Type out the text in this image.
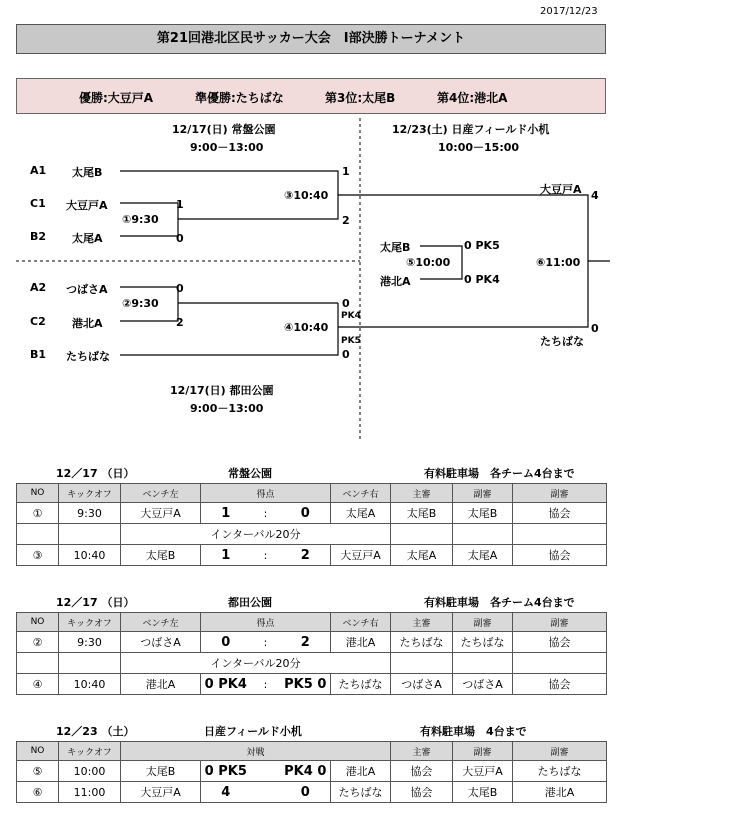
2017/12/23
第21回港北区民サッカー大会　Ⅰ部決勝トーナメント
優勝:大豆戸A	準優勝:たちばな	第3位:太尾B	第4位:港北A
12/17(日) 常盤公園
9:00－13:00
12/23(土) 日産フィールド小机
10:00－15:00
12/17(日) 都田公園
9:00－13:00
A1 太尾B
C1 大豆戸A
B2 太尾A
A2 つばさA
C2 港北A
B1 たちばな
①9:30
1
0
②9:30
0
2
③10:40
1
2
④10:40
0
PK4
PK5
0
太尾B
港北A
⑤10:00
0 PK5
0 PK4
大豆戸A
たちばな
⑥11:00
4
0
12／17 （日）	常盤公園	有料駐車場　各チーム4台まで
NO	キックオフ	ベンチ左	得点			ベンチ右	主審	副審	副審
①	9:30	大豆戸A	1	:	0	太尾A	太尾B	太尾B	協会
		インターバル20分							
③	10:40	太尾B	1	:	2	大豆戸A	太尾A	太尾A	協会
12／17 （日）	都田公園	有料駐車場　各チーム4台まで
NO	キックオフ	ベンチ左	得点			ベンチ右	主審	副審	副審
②	9:30	つばさA	0	:	2	港北A	たちばな	たちばな	協会
		インターバル20分							
④	10:40	港北A	0 PK4	:	PK5 0	たちばな	つばさA	つばさA	協会
12／23 （土）	日産フィールド小机	有料駐車場　4台まで
NO	キックオフ	対戦					主審	副審	副審
⑤	10:00	太尾B	0 PK5		PK4 0	港北A	協会	大豆戸A	たちばな
⑥	11:00	大豆戸A	4		0	たちばな	協会	太尾B	港北A
